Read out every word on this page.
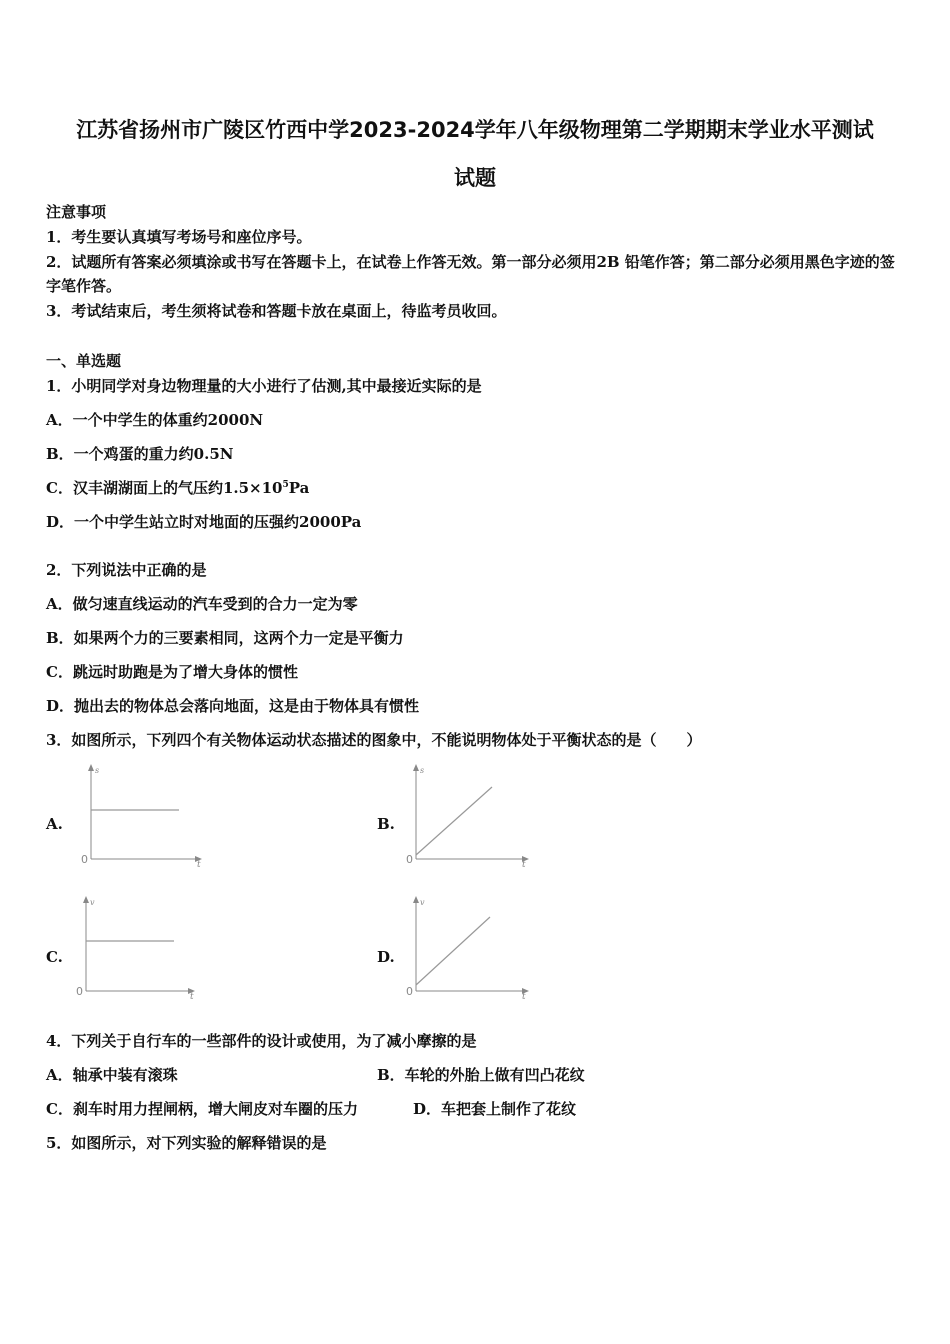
江苏省扬州市广陵区竹西中学2023-2024学年八年级物理第二学期期末学业水平测试
试题
注意事项
1．考生要认真填写考场号和座位序号。
2．试题所有答案必须填涂或书写在答题卡上，在试卷上作答无效。第一部分必须用2B 铅笔作答；第二部分必须用黑色字迹的签字笔作答。
3．考试结束后，考生须将试卷和答题卡放在桌面上，待监考员收回。
一、单选题
1．小明同学对身边物理量的大小进行了估测,其中最接近实际的是
A．一个中学生的体重约2000N
B．一个鸡蛋的重力约0.5N
C．汉丰湖湖面上的气压约$1.5\times 10^5Pa$
D．一个中学生站立时对地面的压强约2000Pa
2．下列说法中正确的是
A．做匀速直线运动的汽车受到的合力一定为零
B．如果两个力的三要素相同，这两个力一定是平衡力
C．跳远时助跑是为了增大身体的惯性
D．抛出去的物体总会落向地面，这是由于物体具有惯性
3．如图所示，下列四个有关物体运动状态描述的图象中，不能说明物体处于平衡状态的是（　　）
A.
s
t
0
B.
s
t
0
C.
v
t
0
D.
v
t
0
4．下列关于自行车的一些部件的设计或使用，为了减小摩擦的是
A．轴承中装有滚珠	B．车轮的外胎上做有凹凸花纹
C．刹车时用力捏闸柄，增大闸皮对车圈的压力	D．车把套上制作了花纹
5．如图所示，对下列实验的解释错误的是
